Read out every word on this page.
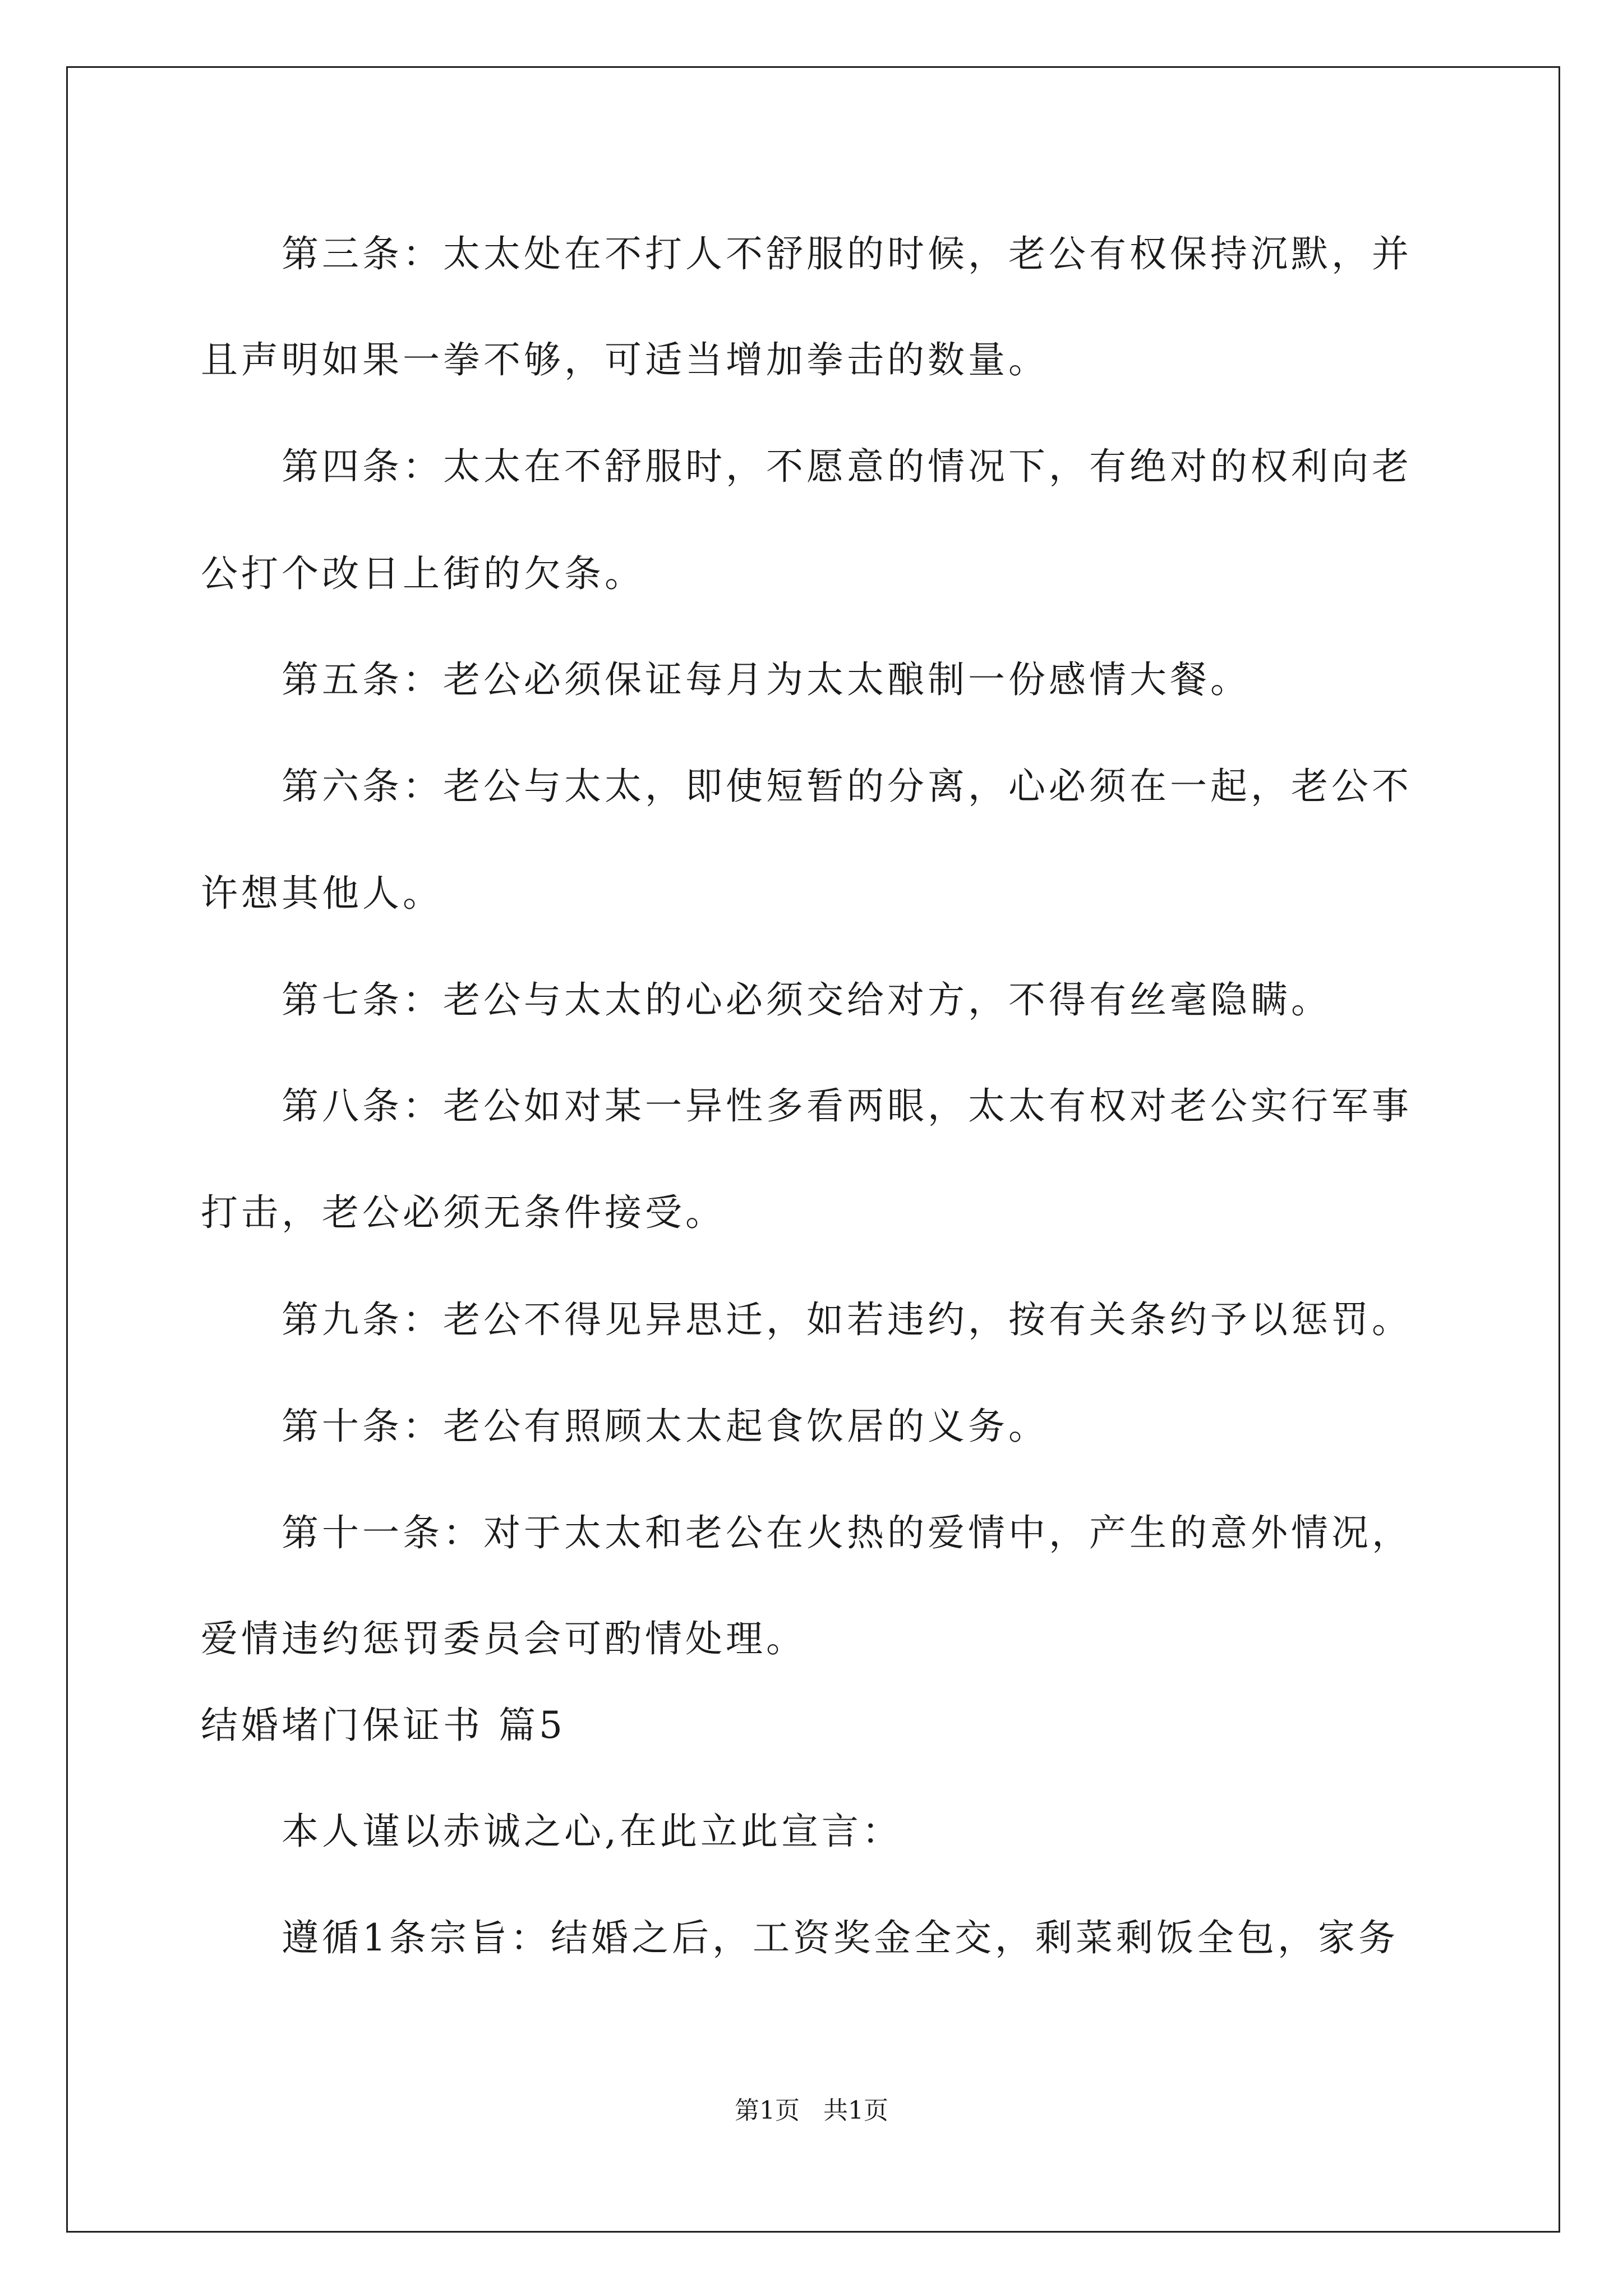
第三条：太太处在不打人不舒服的时候，老公有权保持沉默，并
且声明如果一拳不够，可适当增加拳击的数量。
第四条：太太在不舒服时，不愿意的情况下，有绝对的权利向老
公打个改日上街的欠条。
第五条：老公必须保证每月为太太酿制一份感情大餐。
第六条：老公与太太，即使短暂的分离，心必须在一起，老公不
许想其他人。
第七条：老公与太太的心必须交给对方，不得有丝毫隐瞒。
第八条：老公如对某一异性多看两眼，太太有权对老公实行军事
打击，老公必须无条件接受。
第九条：老公不得见异思迁，如若违约，按有关条约予以惩罚。
第十条：老公有照顾太太起食饮居的义务。
第十一条：对于太太和老公在火热的爱情中，产生的意外情况，
爱情违约惩罚委员会可酌情处理。
结婚堵门保证书 篇5
本人谨以赤诚之心,在此立此宣言：
遵循1条宗旨：结婚之后，工资奖金全交，剩菜剩饭全包，家务
第1页   共1页
